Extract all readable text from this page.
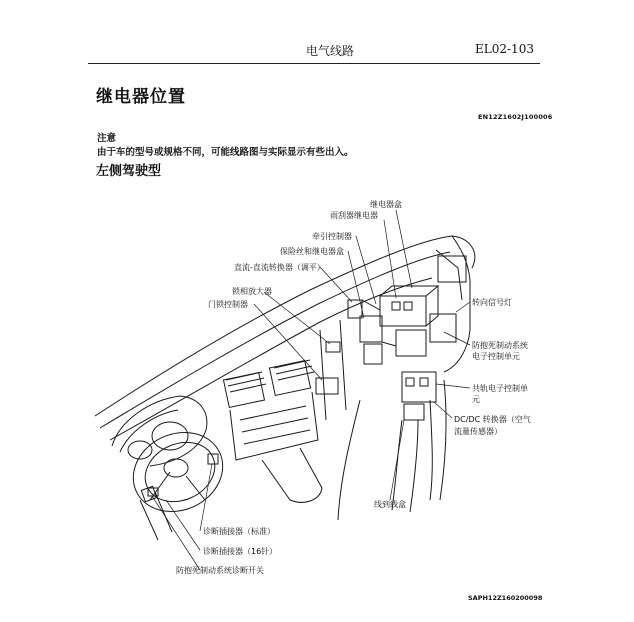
电气线路	EL02-103
继电器位置
EN12Z1602J100006
注意
由于车的型号或规格不同，可能线路图与实际显示有些出入。
左侧驾驶型
继电器盒
雨刮器继电器
牵引控制器
保险丝和继电器盒
直流-直流转换器（调平）
锁相放大器
门锁控制器	转向信号灯
防抱死制动系统
电子控制单元
共轨电子控制单
元
DC/DC 转换器（空气
流量传感器）
线到线盒
诊断插接器（标准）
诊断插接器（16针）
防抱死制动系统诊断开关
SAPH12Z160200098
